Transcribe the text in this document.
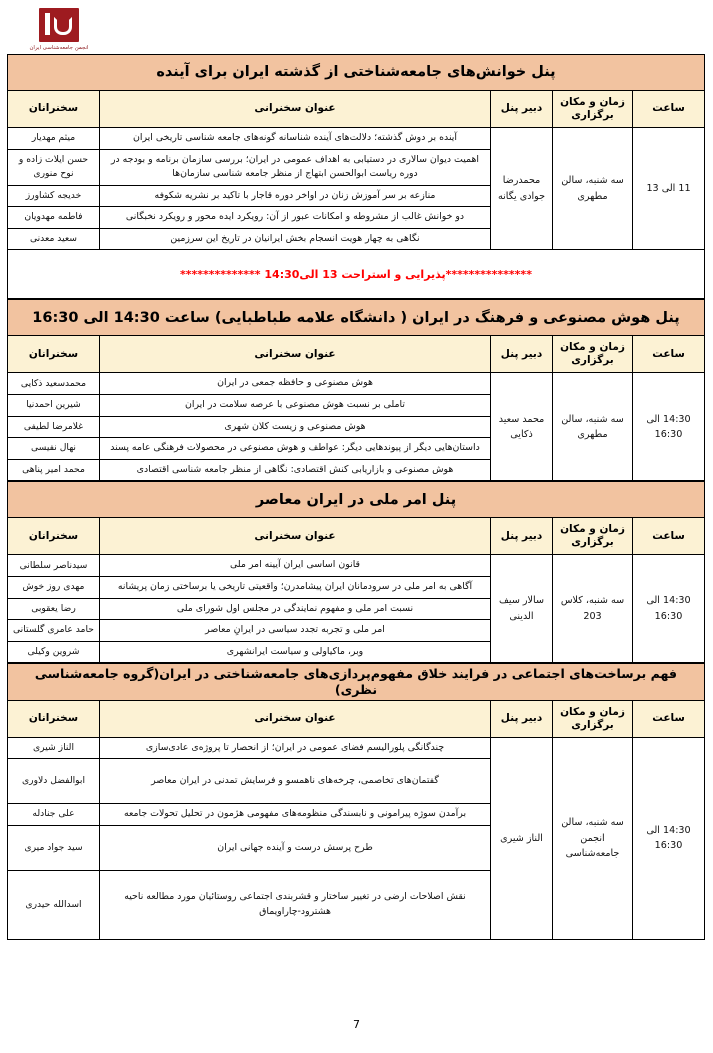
انجمن جامعه‌شناسی ایران
پنل خوانش‌های جامعه‌شناختی از گذشته ایران برای آینده				
ساعت	زمان و مکان برگزاری	دبیر پنل	عنوان سخنرانی	سخنرانان
11 الی 13	سه شنبه، سالن مطهری	محمدرضا جوادی یگانه	آینده بر دوش گذشته؛ دلالت‌های آینده شناسانه گونه‌های جامعه شناسی تاریخی ایران	میثم مهدیار
			اهمیت دیوان سالاری در دستیابی به اهداف عمومی در ایران؛ بررسی سازمان برنامه و بودجه در دوره ریاست ابوالحسن ابتهاج از منظر جامعه شناسی سازمان‌ها	حسن ایلات زاده و نوح منوری
			منازعه بر سر آموزش زنان در اواخر دوره قاجار با تاکید بر نشریه شکوفه	خدیجه کشاورز
			دو خوانش غالب از مشروطه و امکانات عبور از آن: رویکرد ایده محور و رویکرد نخبگانی	فاطمه مهدویان
			نگاهی به چهار هویت انسجام بخش ایرانیان در تاریخ این سرزمین	سعید معدنی
***************پذیرایی و استراحت 13 الی14:30 **************				
پنل هوش مصنوعی و فرهنگ در ایران ( دانشگاه علامه طباطبایی) ساعت 14:30 الی 16:30				
ساعت	زمان و مکان برگزاری	دبیر پنل	عنوان سخنرانی	سخنرانان
14:30 الی 16:30	سه شنبه، سالن مطهری	محمد سعید ذکایی	هوش مصنوعی و حافظه جمعی در ایران	محمدسعید ذکایی
			تاملی بر نسبت هوش مصنوعی با عرصه سلامت در ایران	شیرین احمدنیا
			هوش مصنوعی و زیست کلان شهری	غلامرضا لطیفی
			داستان‌هایی دیگر از پیوندهایی دیگر: عواطف و هوش مصنوعی در محصولات فرهنگی عامه پسند	نهال نفیسی
			هوش مصنوعی و بازاریابی کنش اقتصادی: نگاهی از منظر جامعه شناسی اقتصادی	محمد امیر پناهی
پنل امر ملی در ایران معاصر				
ساعت	زمان و مکان برگزاری	دبیر پنل	عنوان سخنرانی	سخنرانان
14:30 الی 16:30	سه شنبه، کلاس 203	سالار سیف الدینی	قانون اساسی ایران آیینه امر ملی	سیدناصر سلطانی
			آگاهی به امر ملی در سرودمانان ایران پیشامدرن؛ واقعیتی تاریخی یا برساختی زمان پریشانه	مهدی روز خوش
			نسبت امر ملی و مفهوم نمایندگی در مجلس اول شورای ملی	رضا یعقوبی
			امر ملی و تجربه تجدد سیاسی در ایرانِ معاصر	حامد عامری گلستانی
			وبر، ماکیاولی و سیاست ایرانشهری	شروین وکیلی
فهم برساخت‌های اجتماعی در فرایند خلاق مفهوم‌پردازی‌های جامعه‌شناختی در ایران(گروه جامعه‌شناسی نظری)				
ساعت	زمان و مکان برگزاری	دبیر پنل	عنوان سخنرانی	سخنرانان
14:30 الی 16:30	سه شنبه، سالن انجمن جامعه‌شناسی	الناز شیری	چندگانگی پلورالیسم فضای عمومی در ایران؛ از انحصار تا پروژه‌ی عادی‌سازی	الناز شیری
			گفتمان‌های تخاصمی، چرخه‌های ناهمسو و فرسایش تمدنی در ایران معاصر	ابوالفضل دلاوری
			برآمدن سوژه پیرامونی و نابسندگی منظومه‌های مفهومی هژمون در تحلیل تحولات جامعه	علی جنادله
			طرح پرسش درست و آینده جهانی ایران	سید جواد میری
			نقش اصلاحات ارضی در تغییر ساختار و قشربندی اجتماعی روستائیان مورد مطالعه ناحیه هشترود-چاراویماق	اسدالله حیدری
7
